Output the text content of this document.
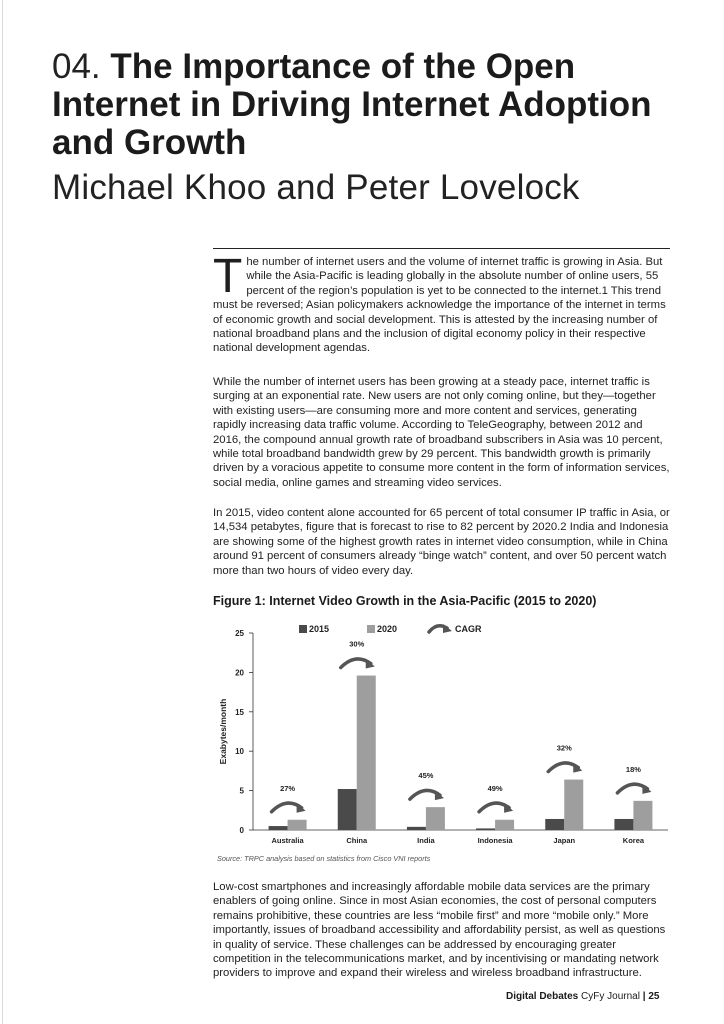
04. The Importance of the Open Internet in Driving Internet Adoption and Growth
Michael Khoo and Peter Lovelock

The number of internet users and the volume of internet traffic is growing in Asia. But while the Asia-Pacific is leading globally in the absolute number of online users, 55 percent of the region’s population is yet to be connected to the internet.1 This trend must be reversed; Asian policymakers acknowledge the importance of the internet in terms of economic growth and social development. This is attested by the increasing number of national broadband plans and the inclusion of digital economy policy in their respective national development agendas.

While the number of internet users has been growing at a steady pace, internet traffic is surging at an exponential rate. New users are not only coming online, but they—together with existing users—are consuming more and more content and services, generating rapidly increasing data traffic volume. According to TeleGeography, between 2012 and 2016, the compound annual growth rate of broadband subscribers in Asia was 10 percent, while total broadband bandwidth grew by 29 percent. This bandwidth growth is primarily driven by a voracious appetite to consume more content in the form of information services, social media, online games and streaming video services.

In 2015, video content alone accounted for 65 percent of total consumer IP traffic in Asia, or 14,534 petabytes, figure that is forecast to rise to 82 percent by 2020.2 India and Indonesia are showing some of the highest growth rates in internet video consumption, while in China around 91 percent of consumers already “binge watch” content, and over 50 percent watch more than two hours of video every day.

Figure 1: Internet Video Growth in the Asia-Pacific (2015 to 2020)

0
5
10
15
20
25
Exabytes/month
Australia
27%
China
30%
India
45%
Indonesia
49%
Japan
32%
Korea
18%
2015	2020	CAGR

Source: TRPC analysis based on statistics from Cisco VNI reports

Low-cost smartphones and increasingly affordable mobile data services are the primary enablers of going online. Since in most Asian economies, the cost of personal computers remains prohibitive, these countries are less “mobile first” and more “mobile only.” More importantly, issues of broadband accessibility and affordability persist, as well as questions in quality of service. These challenges can be addressed by encouraging greater competition in the telecommunications market, and by incentivising or mandating network providers to improve and expand their wireless and wireless broadband infrastructure.

Digital Debates CyFy Journal | 25
